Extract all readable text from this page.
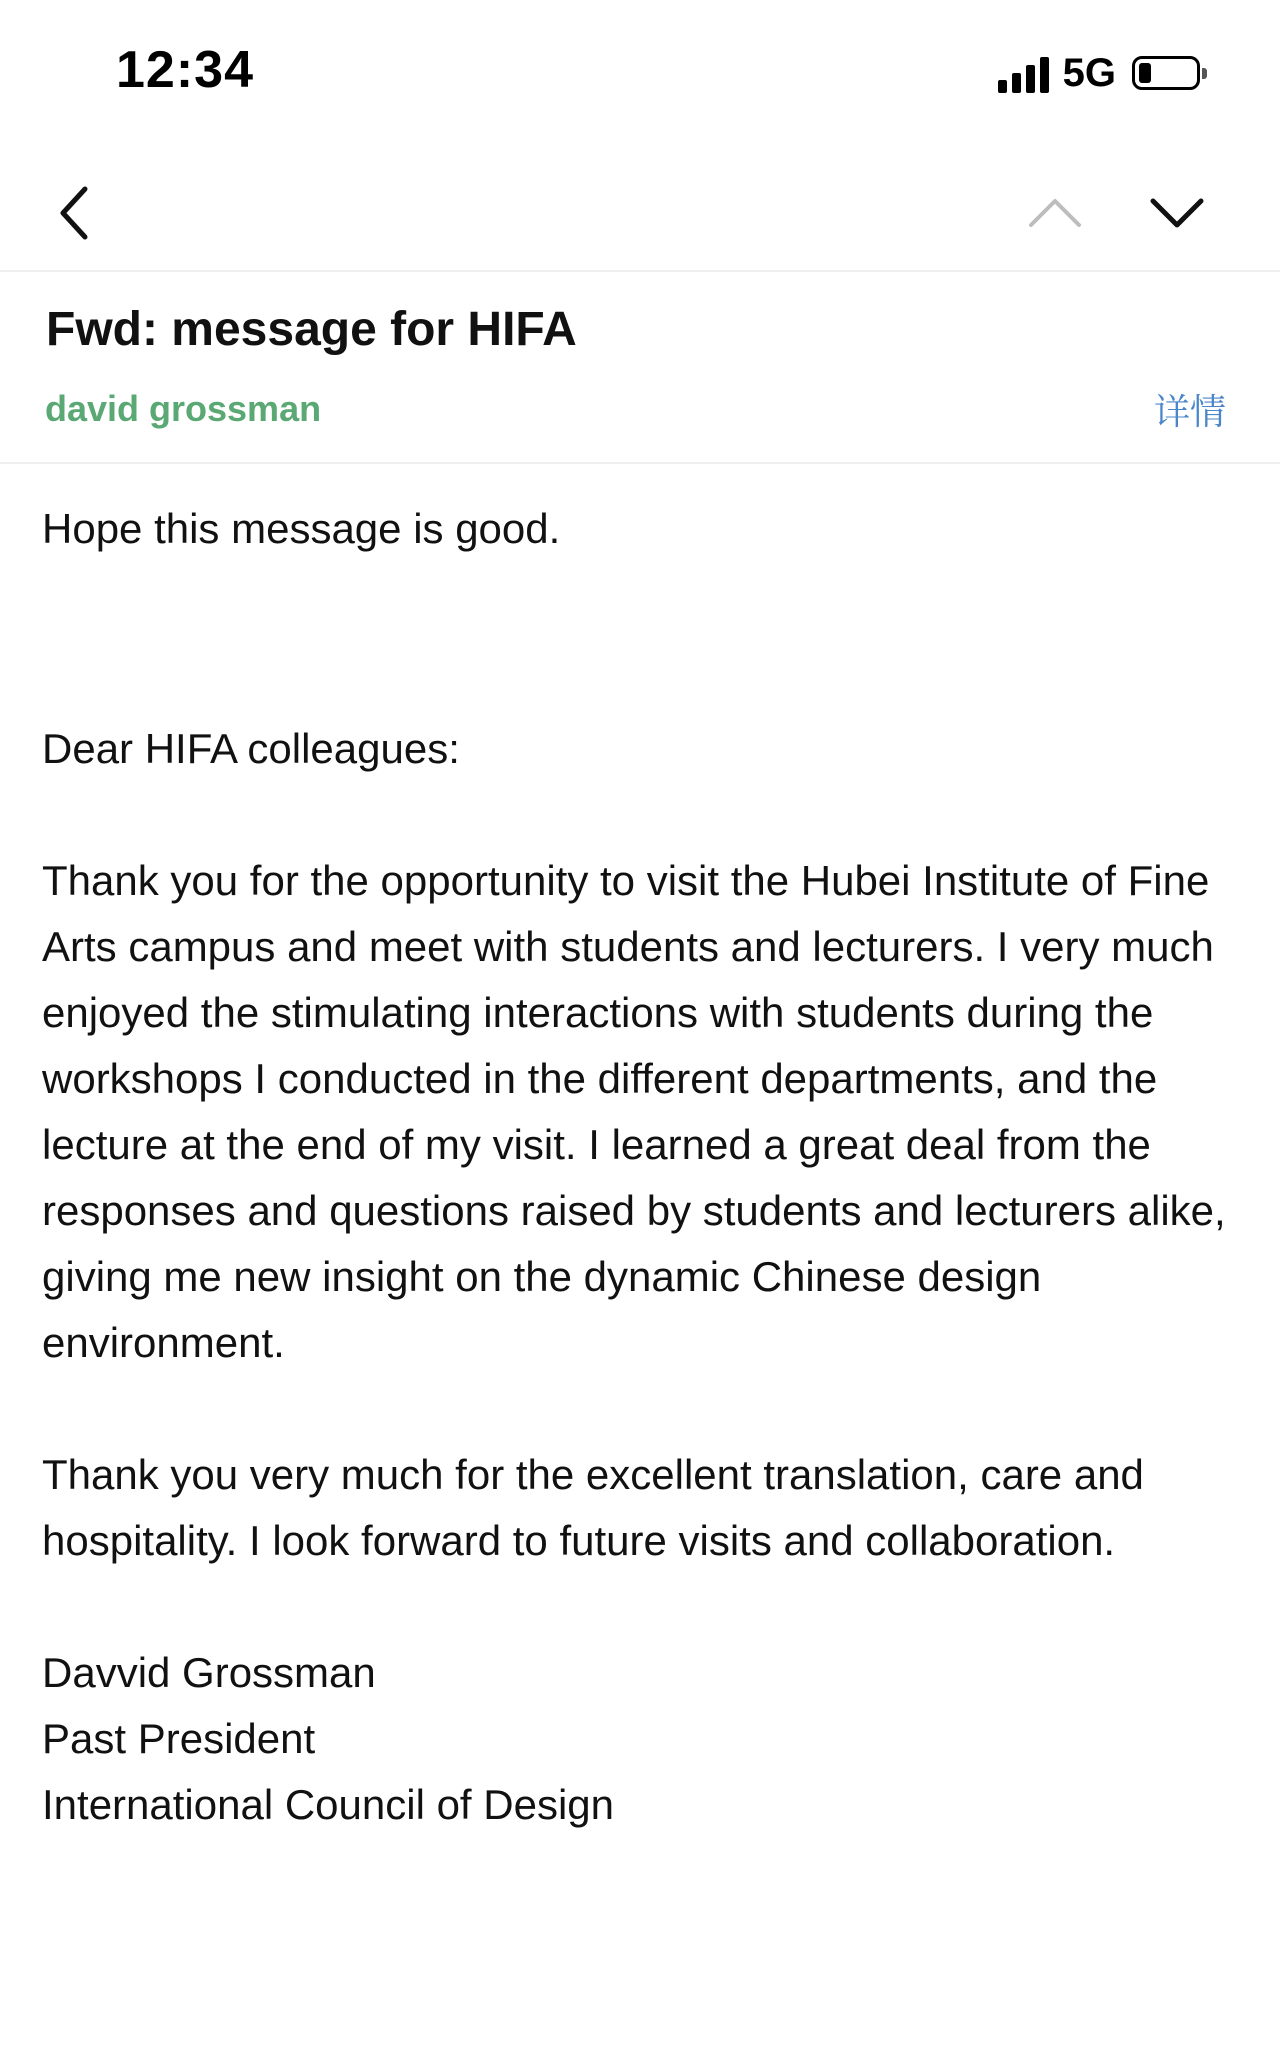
12:34	5G
Fwd: message for HIFA
david grossman	详情

Hope this message is good.

Dear HIFA colleagues:

Thank you for the opportunity to visit the Hubei Institute of Fine Arts campus and meet with students and lecturers. I very much enjoyed the stimulating interactions with students during the workshops I conducted in the different departments, and the lecture at the end of my visit. I learned a great deal from the responses and questions raised by students and lecturers alike, giving me new insight on the dynamic Chinese design environment.

Thank you very much for the excellent translation, care and hospitality. I look forward to future visits and collaboration.

Davvid Grossman
Past President
International Council of Design
